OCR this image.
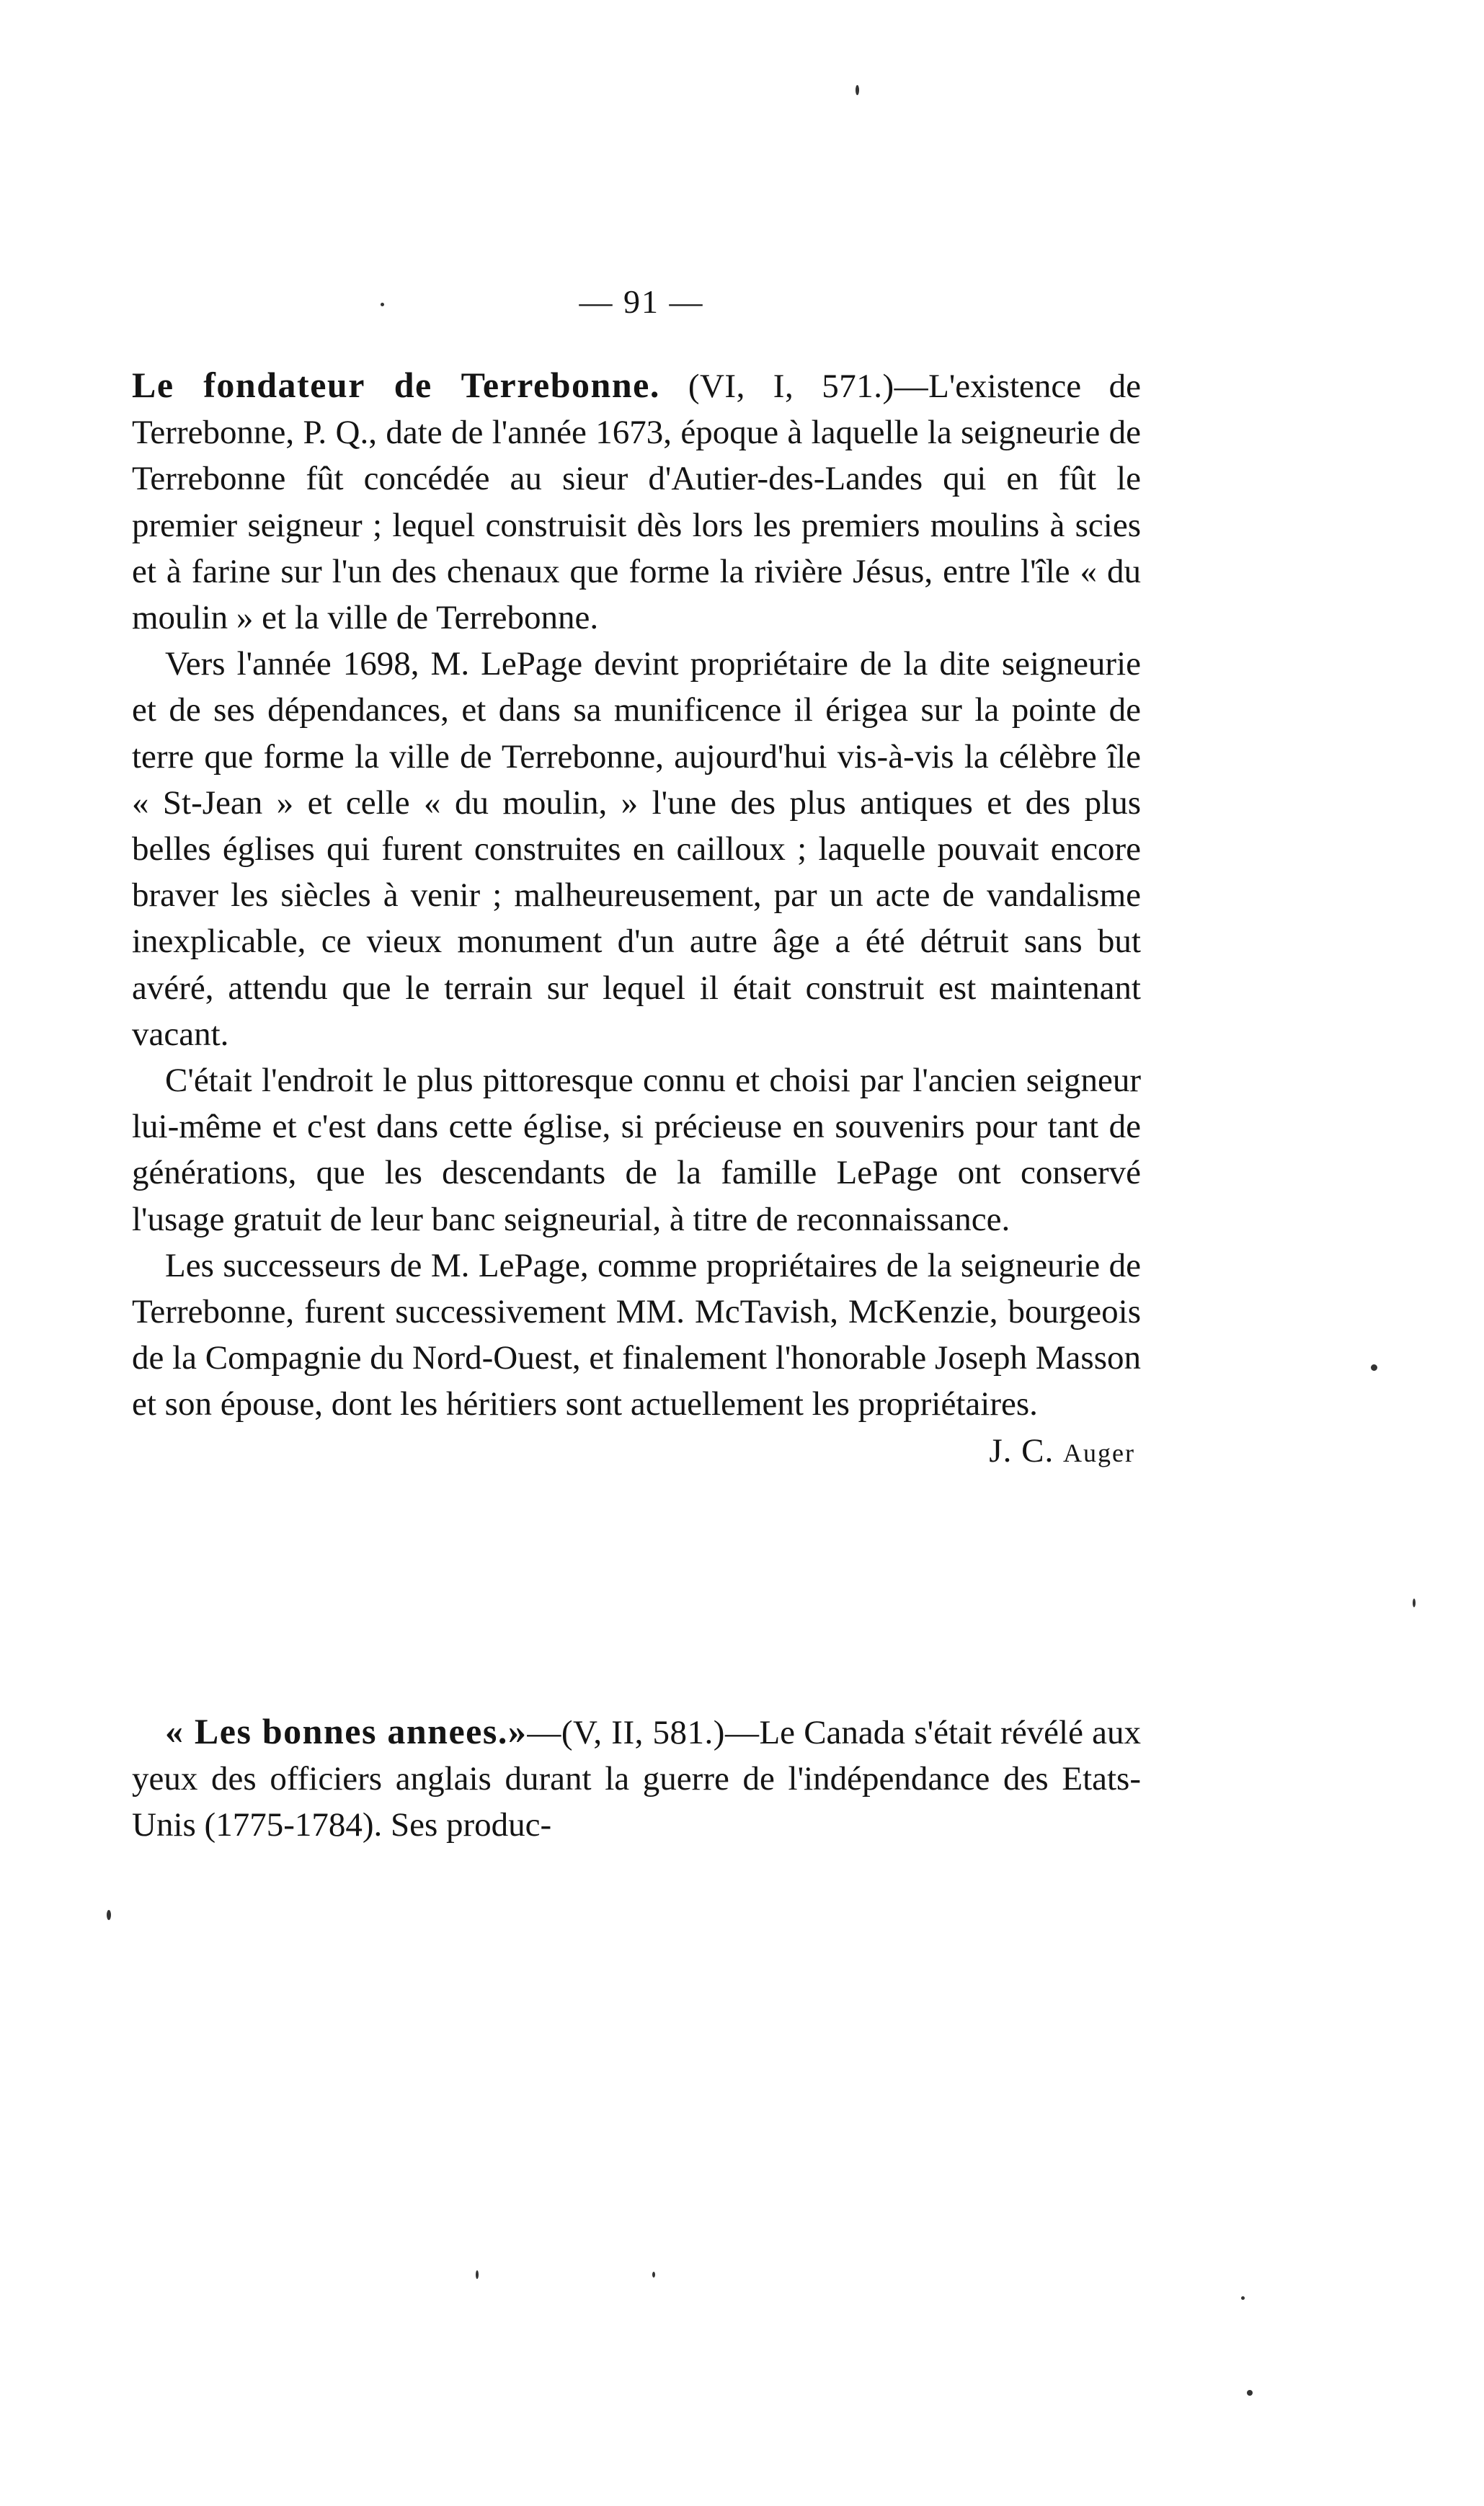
— 91 —

Le fondateur de Terrebonne. (VI, I, 571.)—L'existence de Terrebonne, P. Q., date de l'année 1673, époque à laquelle la seigneurie de Terrebonne fût concédée au sieur d'Autier-des-Landes qui en fût le premier seigneur ; lequel construisit dès lors les premiers moulins à scies et à farine sur l'un des chenaux que forme la rivière Jésus, entre l'île « du moulin » et la ville de Terrebonne.

Vers l'année 1698, M. LePage devint propriétaire de la dite seigneurie et de ses dépendances, et dans sa munificence il érigea sur la pointe de terre que forme la ville de Terrebonne, aujourd'hui vis-à-vis la célèbre île « St-Jean » et celle « du moulin, » l'une des plus antiques et des plus belles églises qui furent construites en cailloux ; laquelle pouvait encore braver les siècles à venir ; malheureusement, par un acte de vandalisme inexplicable, ce vieux monument d'un autre âge a été détruit sans but avéré, attendu que le terrain sur lequel il était construit est maintenant vacant.

C'était l'endroit le plus pittoresque connu et choisi par l'ancien seigneur lui-même et c'est dans cette église, si précieuse en souvenirs pour tant de générations, que les descendants de la famille LePage ont conservé l'usage gratuit de leur banc seigneurial, à titre de reconnaissance.

Les successeurs de M. LePage, comme propriétaires de la seigneurie de Terrebonne, furent successivement MM. McTavish, McKenzie, bourgeois de la Compagnie du Nord-Ouest, et finalement l'honorable Joseph Masson et son épouse, dont les héritiers sont actuellement les propriétaires.

J. C. Auger

« Les bonnes annees.»—(V, II, 581.)—Le Canada s'était révélé aux yeux des officiers anglais durant la guerre de l'indépendance des Etats-Unis (1775-1784). Ses produc-
